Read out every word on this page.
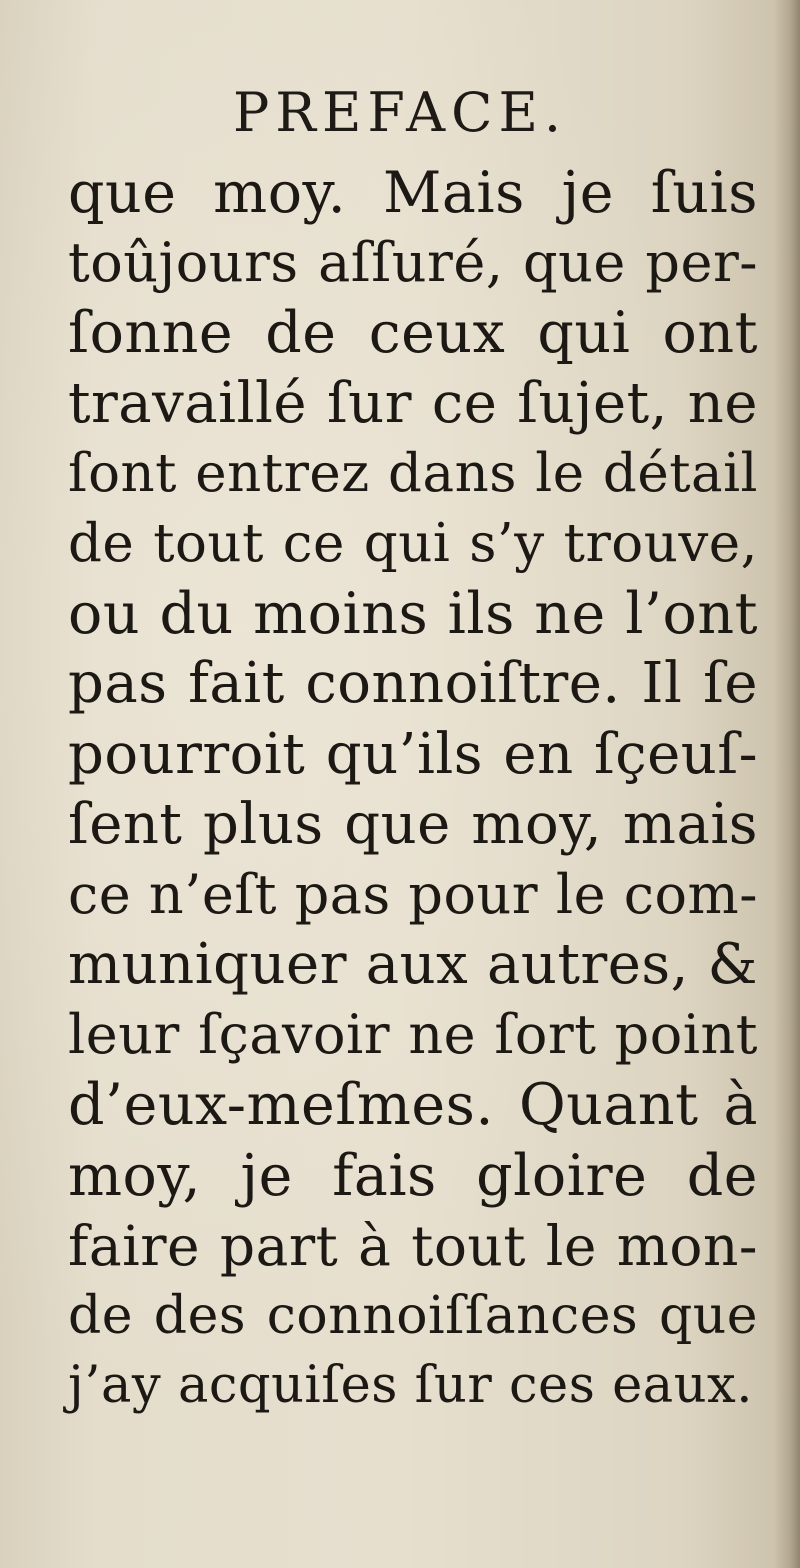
PREFACE.
que moy. Mais je ſuis
toûjours aſſuré, que per-
ſonne de ceux qui ont
travaillé ſur ce ſujet, ne
ſont entrez dans le détail
de tout ce qui s’y trouve,
ou du moins ils ne l’ont
pas fait connoiſtre. Il ſe
pourroit qu’ils en ſçeuſ-
ſent plus que moy, mais
ce n’eſt pas pour le com-
muniquer aux autres, &
leur ſçavoir ne ſort point
d’eux-meſmes. Quant à
moy, je fais gloire de
faire part à tout le mon-
de des connoiſſances que
j’ay acquiſes ſur ces eaux.
